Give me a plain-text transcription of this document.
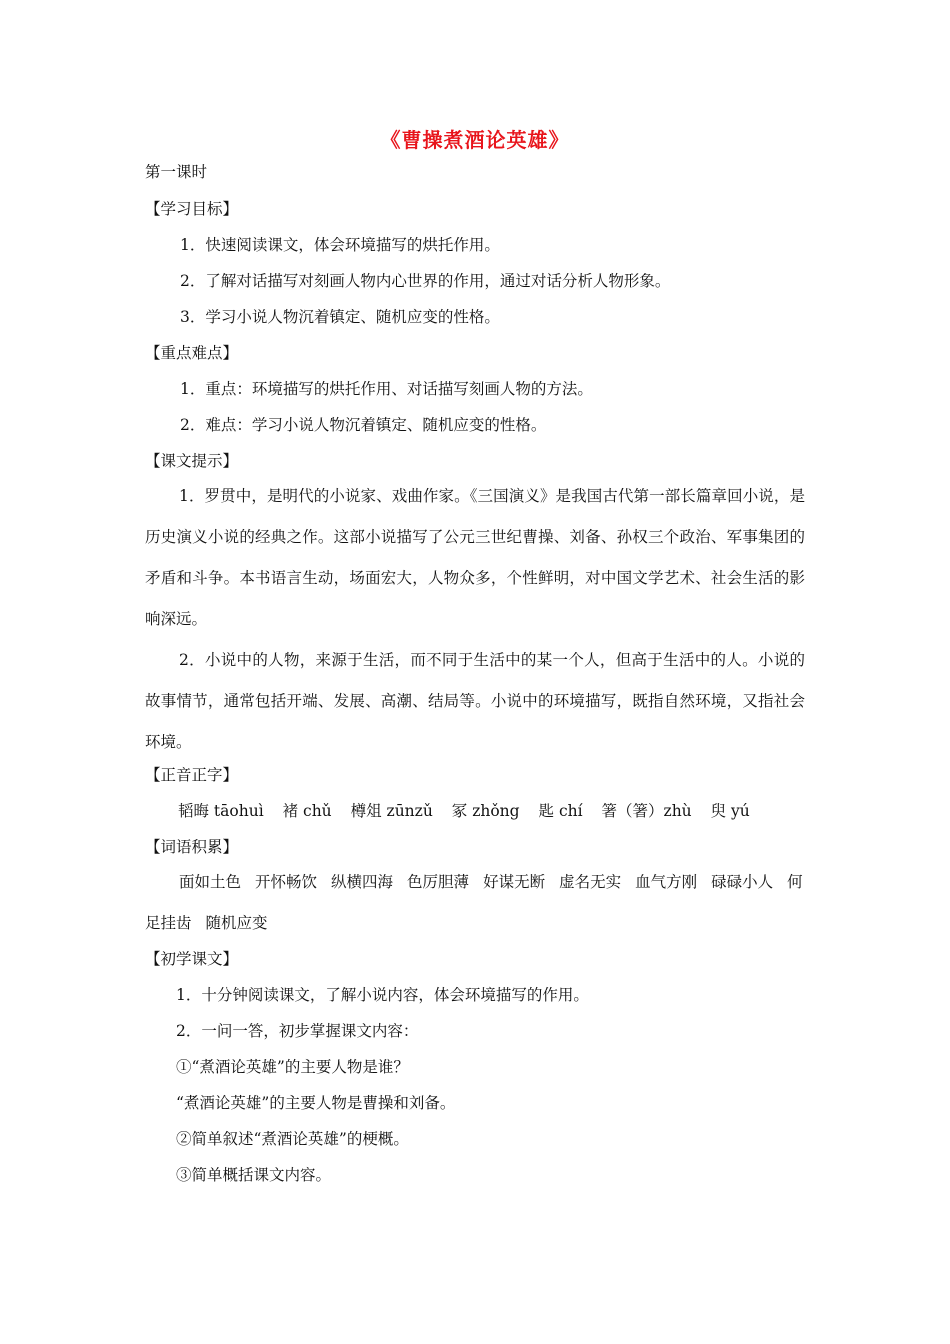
《曹操煮酒论英雄》
第一课时
【学习目标】
1．快速阅读课文，体会环境描写的烘托作用。
2．了解对话描写对刻画人物内心世界的作用，通过对话分析人物形象。
3．学习小说人物沉着镇定、随机应变的性格。
【重点难点】
1．重点：环境描写的烘托作用、对话描写刻画人物的方法。
2．难点：学习小说人物沉着镇定、随机应变的性格。
【课文提示】
1．罗贯中，是明代的小说家、戏曲作家。《三国演义》是我国古代第一部长篇章回小说，是历史演义小说的经典之作。这部小说描写了公元三世纪曹操、刘备、孙权三个政治、军事集团的矛盾和斗争。本书语言生动，场面宏大，人物众多，个性鲜明，对中国文学艺术、社会生活的影响深远。
2．小说中的人物，来源于生活，而不同于生活中的某一个人，但高于生活中的人。小说的故事情节，通常包括开端、发展、高潮、结局等。小说中的环境描写，既指自然环境，又指社会环境。
【正音正字】
韬晦 tāohuì 褚 chǔ 樽俎 zūnzǔ 冢 zhǒng 匙 chí 箸（箸）zhù 臾 yú
【词语积累】
面如土色 开怀畅饮 纵横四海 色厉胆薄 好谋无断 虚名无实 血气方刚 碌碌小人 何足挂齿 随机应变
【初学课文】
1．十分钟阅读课文，了解小说内容，体会环境描写的作用。
2．一问一答，初步掌握课文内容：
①“煮酒论英雄”的主要人物是谁？
“煮酒论英雄”的主要人物是曹操和刘备。
②简单叙述“煮酒论英雄”的梗概。
③简单概括课文内容。
